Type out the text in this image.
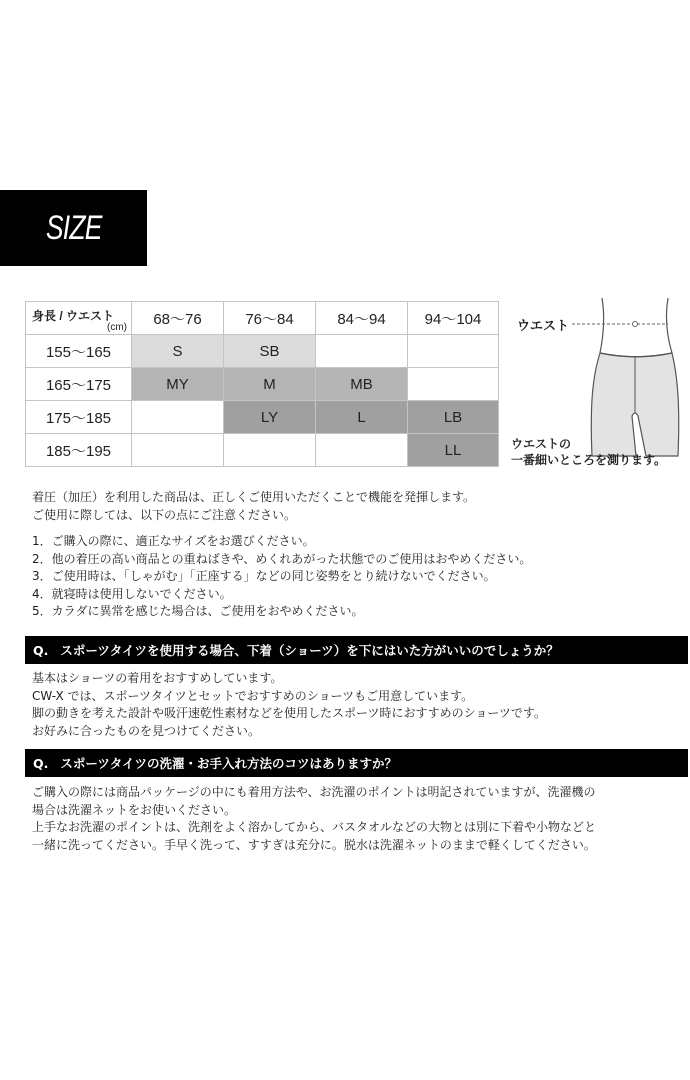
SIZE
身長 / ウエスト
(cm)	68〜76	76〜84	84〜94	94〜104
155〜165	S	SB		
165〜175	MY	M	MB	
175〜185		LY	L	LB
185〜195				LL
ウエスト
ウエストの
一番細いところを測ります。
着圧（加圧）を利用した商品は、正しくご使用いただくことで機能を発揮します。
ご使用に際しては、以下の点にご注意ください。
1．ご購入の際に、適正なサイズをお選びください。
2．他の着圧の高い商品との重ねばきや、めくれあがった状態でのご使用はおやめください。
3．ご使用時は、「しゃがむ」「正座する」などの同じ姿勢をとり続けないでください。
4．就寝時は使用しないでください。
5．カラダに異常を感じた場合は、ご使用をおやめください。
Q. スポーツタイツを使用する場合、下着（ショーツ）を下にはいた方がいいのでしょうか？
基本はショーツの着用をおすすめしています。
CW-X では、スポーツタイツとセットでおすすめのショーツもご用意しています。
脚の動きを考えた設計や吸汗速乾性素材などを使用したスポーツ時におすすめのショーツです。
お好みに合ったものを見つけてください。
Q. スポーツタイツの洗濯・お手入れ方法のコツはありますか？
ご購入の際には商品パッケージの中にも着用方法や、お洗濯のポイントは明記されていますが、洗濯機の
場合は洗濯ネットをお使いください。
上手なお洗濯のポイントは、洗剤をよく溶かしてから、バスタオルなどの大物とは別に下着や小物などと
一緒に洗ってください。手早く洗って、すすぎは充分に。脱水は洗濯ネットのままで軽くしてください。
